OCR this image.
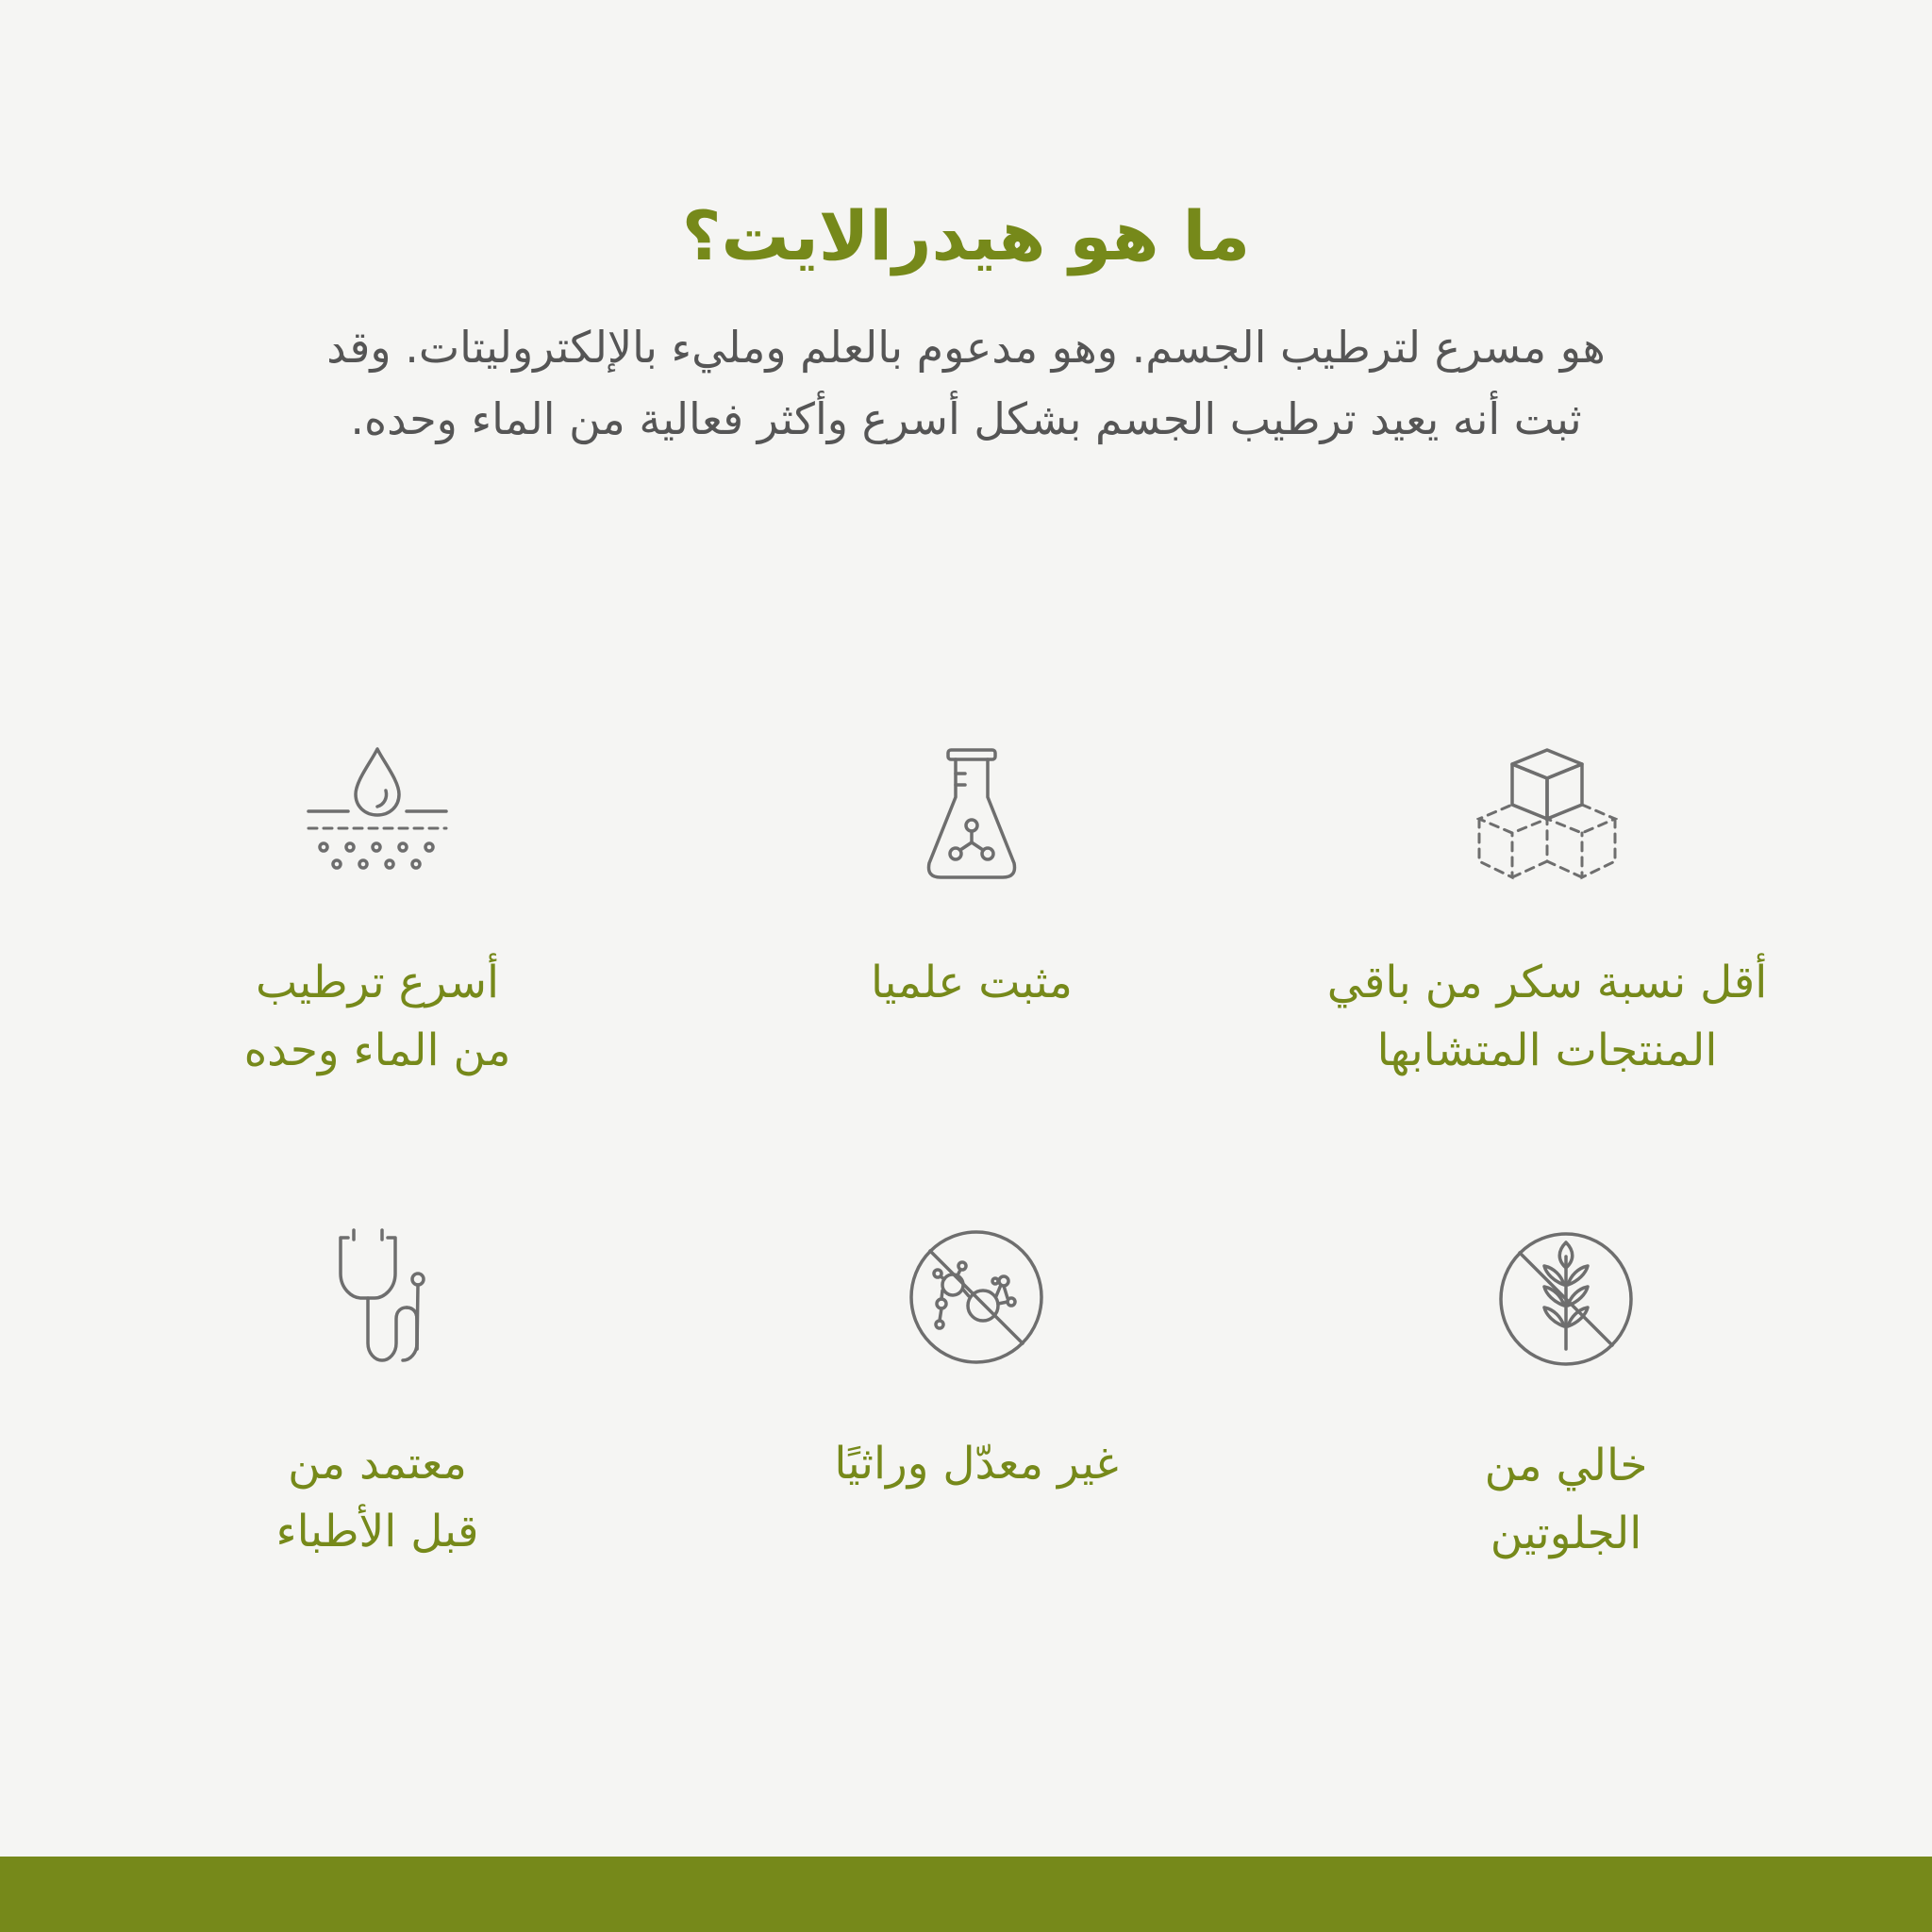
ما هو هيدرالايت؟

هو مسرع لترطيب الجسم. وهو مدعوم بالعلم ومليء بالإلكتروليتات. وقد
ثبت أنه يعيد ترطيب الجسم بشكل أسرع وأكثر فعالية من الماء وحده.

أقل نسبة سكر من باقي
المنتجات المتشابها
مثبت علميا
أسرع ترطيب
من الماء وحده
خالي من
الجلوتين
غير معدّل وراثيًا
معتمد من
قبل الأطباء
